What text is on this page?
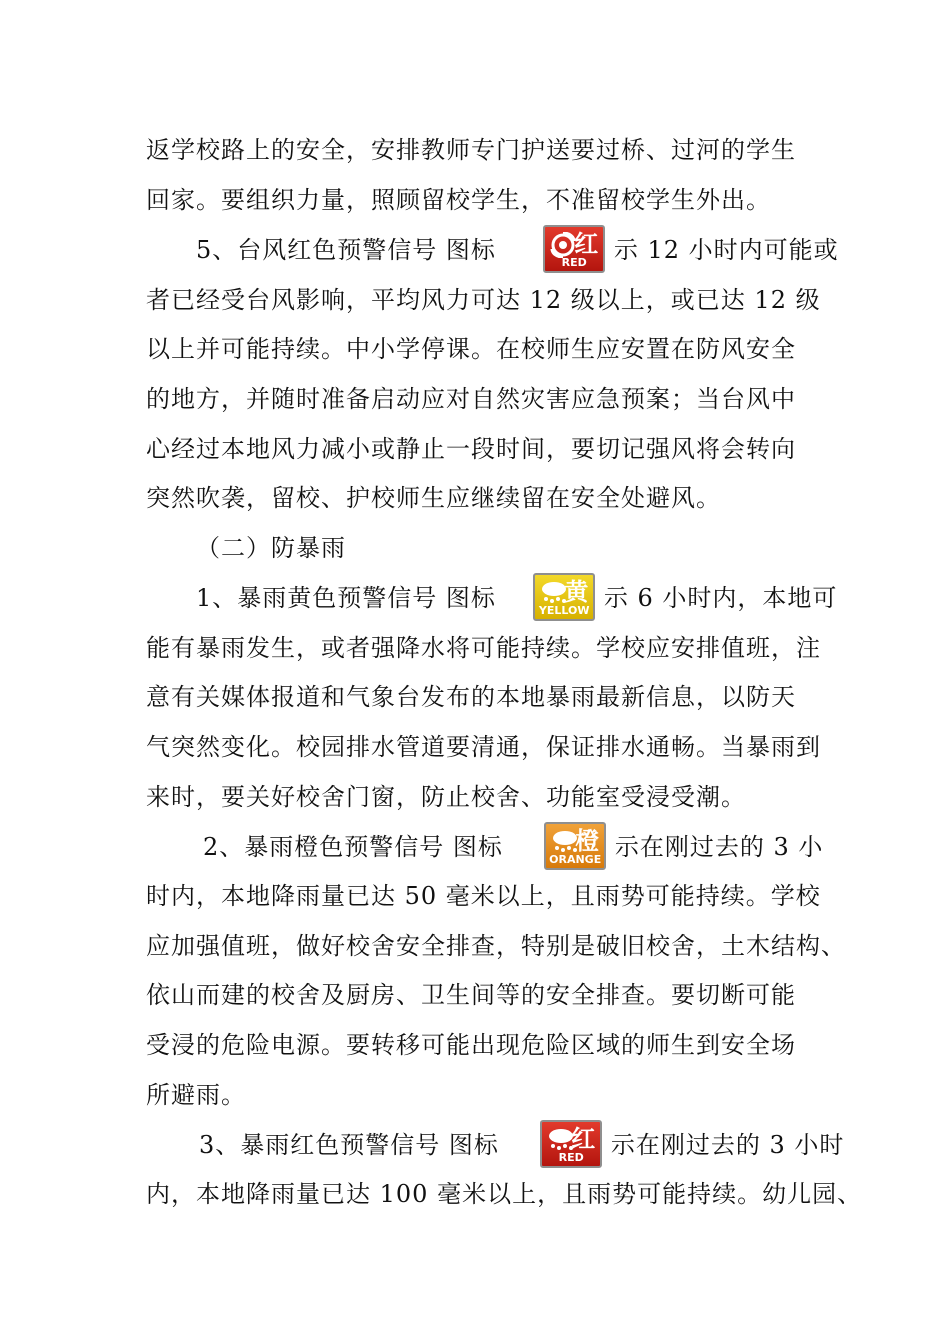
返学校路上的安全，安排教师专门护送要过桥、过河的学生
回家。要组织力量，照顾留校学生，不准留校学生外出。
5、台风红色预警信号 图标	红
RED	示 12 小时内可能或
者已经受台风影响，平均风力可达 12 级以上，或已达 12 级
以上并可能持续。中小学停课。在校师生应安置在防风安全
的地方，并随时准备启动应对自然灾害应急预案；当台风中
心经过本地风力减小或静止一段时间，要切记强风将会转向
突然吹袭，留校、护校师生应继续留在安全处避风。
（二）防暴雨
1、暴雨黄色预警信号 图标	黄
YELLOW 示 6 小时内，本地可
能有暴雨发生，或者强降水将可能持续。学校应安排值班，注
意有关媒体报道和气象台发布的本地暴雨最新信息，以防天
气突然变化。校园排水管道要清通，保证排水通畅。当暴雨到
来时，要关好校舍门窗，防止校舍、功能室受浸受潮。
2、暴雨橙色预警信号 图标	橙
ORANGE 示在刚过去的 3 小
时内，本地降雨量已达 50 毫米以上，且雨势可能持续。学校
应加强值班，做好校舍安全排查，特别是破旧校舍，土木结构、
依山而建的校舍及厨房、卫生间等的安全排查。要切断可能
受浸的危险电源。要转移可能出现危险区域的师生到安全场
所避雨。
3、暴雨红色预警信号 图标	红
RED	示在刚过去的 3 小时
内，本地降雨量已达 100 毫米以上，且雨势可能持续。幼儿园、
